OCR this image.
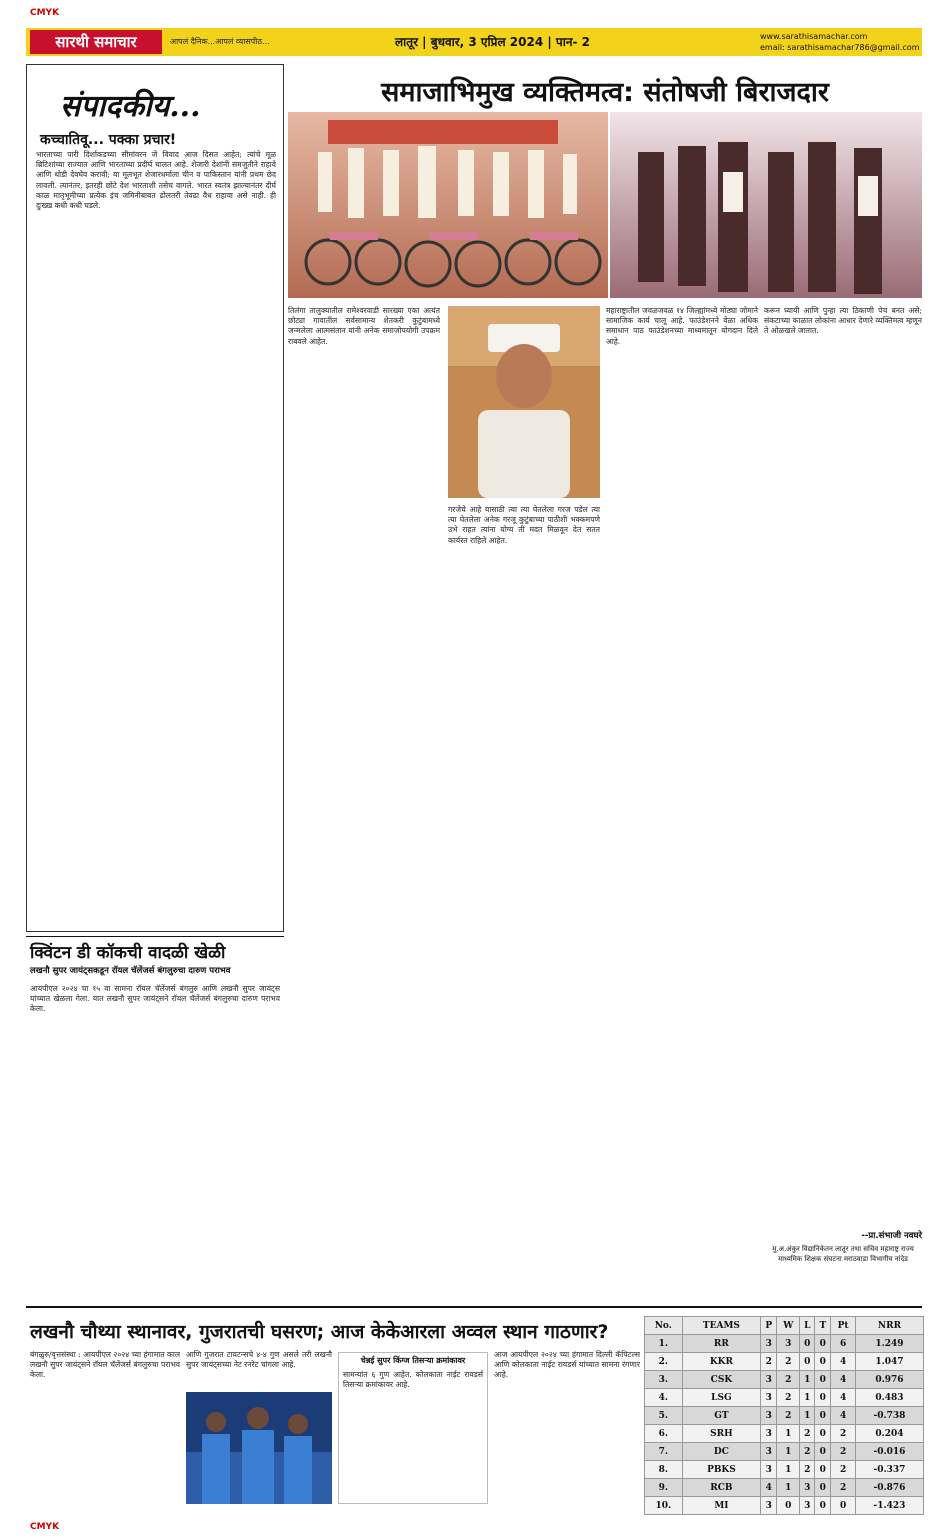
CMYK
सारथी समाचार	आपलं दैनिक...आपलं व्यासपीठ...	लातूर | बुधवार, 3 एप्रिल 2024 | पान- 2	www.sarathisamachar.com
email: sarathisamachar786@gmail.com
संपादकीय...
कच्चातिवू... पक्का प्रचार!

भारताच्या पारी दिर्शाकडच्या सीमांवरन जे विवाद आज दिसत आहेत; त्यांचे मूळ ब्रिटिशांच्या राज्यात आणि भारताच्या प्रदीर्घ चालत आहे. शेजारी देशांनी समजुतीने राहावे आणि थोडी देवघेव करावी; या मूलभूत शेजारधर्माला चीन व पाकिस्तान यांनी प्रथम छेद लावली. त्यानंतर, इतरही छोटे देश भारताशी तसेच वागले. भारत स्वतंत्र झाल्यानंतर दीर्घ काळ मातृभूमीच्या प्रत्येक इंच जमिनीबाबत ढोलतरी तेवढा वैध राहावा असे नाही. ही दुःख्ख कधी कधी घडले.

समाजाभिमुख व्यक्तिमत्व: संतोषजी बिराजदार

तिलंगा तालुक्यातील रामेश्वरवाडी सारख्या एका अत्यंत छोट्या गावातील सर्वसामान्य शेतकरी कुटुंबामध्ये जन्मलेला आत्मसंतान यांनी अनेक समाजोपयोगी उपक्रम राबवले आहेत.

गरजेचे आहे यासाठी त्या त्या घेतलेला गरज पडेल त्या त्या घेतलेला अनेक गरजू कुटुंबाच्या पाठीशी भक्कमपणे उभे राहत त्यांना योग्य ती मदत मिळवून देत सतत कार्यरत राहिले आहेत.

महाराष्ट्रातील जवळजवळ १४ जिल्ह्यांमध्ये मोठ्या जोमाने सामाजिक कार्य चालू आहे. फाउंडेशनने वेळा अधिक समाधान पाठ फाउंडेशनच्या माध्यमातून योगदान दिले आहे.

करून घ्यायी आणि पुन्हा त्या ठिकाणी पेच बनत असे; संकटाच्या काळात लोकांना आधार देणारे व्यक्तिमत्व म्हणून ते ओळखले जातात.

--प्रा.संभाजी नवघरे
मु.अ.अंकुर विद्यानिकेतन लातूर तथा सचिव महाराष्ट्र राज्य माध्यमिक शिक्षक संघटना मराठवाडा विभागीय नांदेड
क्विंटन डी कॉकची वादळी खेळी
लखनौ सुपर जायंट्सकडून रॉयल चॅलेंजर्स बंगलुरुचा दारुण पराभव

आयपीएल २०२४ चा १५ वा सामना रॉयल चॅलेंजर्स बंगलुरु आणि लखनौ सुपर जायंट्स यांच्यात खेळला गेला. यात लखनौ सुपर जायंट्सने रॉयल चॅलेंजर्स बंगलुरुचा दारुण पराभव केला.

लखनौ चौथ्या स्थानावर, गुजरातची घसरण; आज केकेआरला अव्वल स्थान गाठणार?

बंगळुरु/वृत्तसंस्था : आयपीएल २०२४ च्या हंगामात काल लखनौ सुपर जायंट्सने रॉयल चॅलेंजर्स बंगलुरुचा पराभव केला.

आणि गुजरात टायटन्सचे ४-४ गुण असले तरी लखनौ सुपर जायंट्सच्या नेट रनरेट चांगला आहे.	चेन्नई सुपर किंग्ज तिसऱ्या क्रमांकावर

सामन्यांत ६ गुण आहेत. कोलकाता नाईट रायडर्स तिसऱ्या क्रमांकावर आहे.

आज आयपीएल २०२४ च्या हंगामात दिल्ली कॅपिटल्स आणि कोलकाता नाईट रायडर्स यांच्यात सामना रंगणार आहे.

No.	TEAMS	P	W	L	T	Pt	NRR
1.	RR	3	3	0	0	6	1.249
2.	KKR	2	2	0	0	4	1.047
3.	CSK	3	2	1	0	4	0.976
4.	LSG	3	2	1	0	4	0.483
5.	GT	3	2	1	0	4	-0.738
6.	SRH	3	1	2	0	2	0.204
7.	DC	3	1	2	0	2	-0.016
8.	PBKS	3	1	2	0	2	-0.337
9.	RCB	4	1	3	0	2	-0.876
10.	MI	3	0	3	0	0	-1.423
CMYK
